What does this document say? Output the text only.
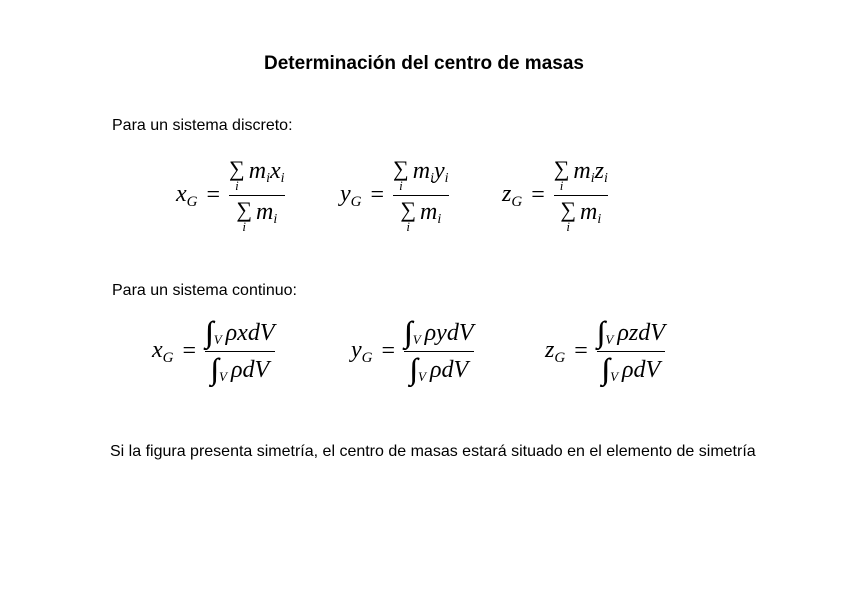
Determinación del centro de masas
Para un sistema discreto:
$x_G$ = ∑
i
$m_ix_i$
∑
i
$m_i$ $y_G$ = ∑
i
$m_iy_i$
∑
i
$m_i$ $z_G$ = ∑
i
$m_iz_i$
∑
i
$m_i$
Para un sistema continuo:
$x_G = \frac{\text{∫∫∫ V ρxdV}}{\text{∫∫∫ V ρdV}}$	$y_G = \frac{\text{∫∫∫ V ρydV}}{\text{∫∫∫ V ρdV}}$	$z_G = \frac{\text{∫∫∫ V ρzdV}}{\text{∫∫∫ V ρdV}}$
Si la figura presenta simetría, el centro de masas estará situado en el elemento de simetría
